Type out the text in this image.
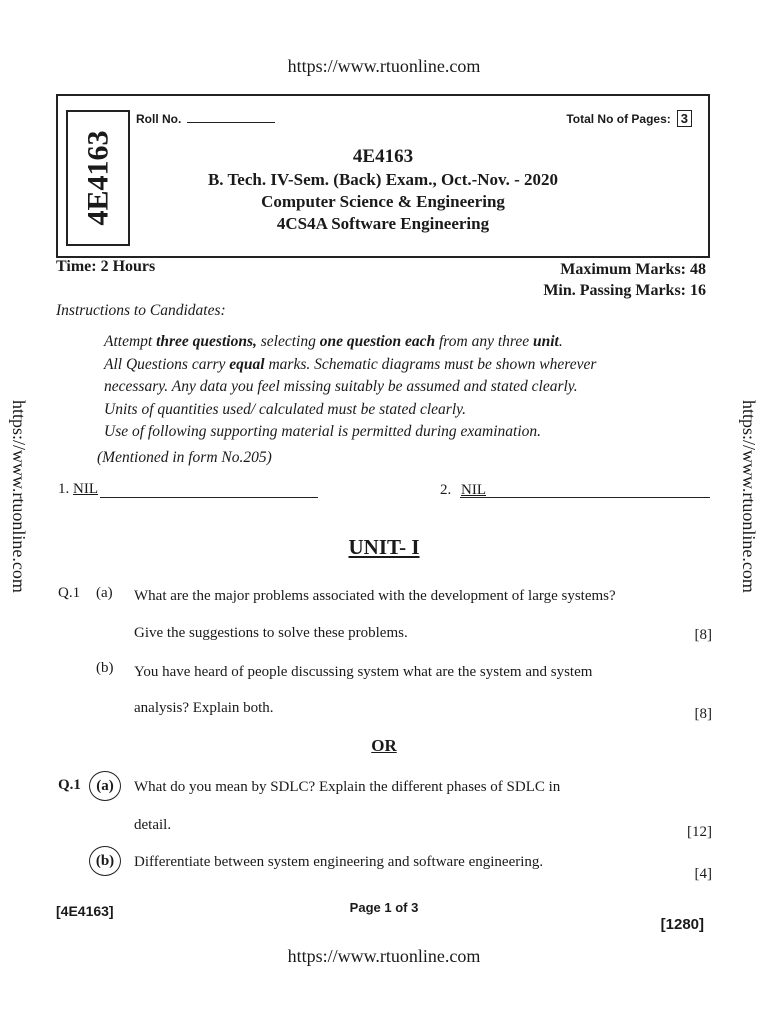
https://www.rtuonline.com
https://www.rtuonline.com	https://www.rtuonline.com
4E4163
Roll No.	Total No of Pages: 3
4E4163
B. Tech. IV-Sem. (Back) Exam., Oct.-Nov. - 2020
Computer Science & Engineering
4CS4A Software Engineering
Time: 2 Hours	Maximum Marks: 48
Min. Passing Marks: 16
Instructions to Candidates:

Attempt three questions, selecting one question each from any three unit.

All Questions carry equal marks. Schematic diagrams must be shown wherever

necessary. Any data you feel missing suitably be assumed and stated clearly.

Units of quantities used/ calculated must be stated clearly.

Use of following supporting material is permitted during examination.

(Mentioned in form No.205)
1. NIL	2. NIL
UNIT- I
Q.1 (a) What are the major problems associated with the development of large systems?
Give the suggestions to solve these problems.	[8]
(b) You have heard of people discussing system what are the system and system
analysis? Explain both.	[8]
OR
Q.1	(a)	What do you mean by SDLC? Explain the different phases of SDLC in
detail.	[12]
(b)	Differentiate between system engineering and software engineering.
[4]
[4E4163]	Page 1 of 3
[1280]
https://www.rtuonline.com
